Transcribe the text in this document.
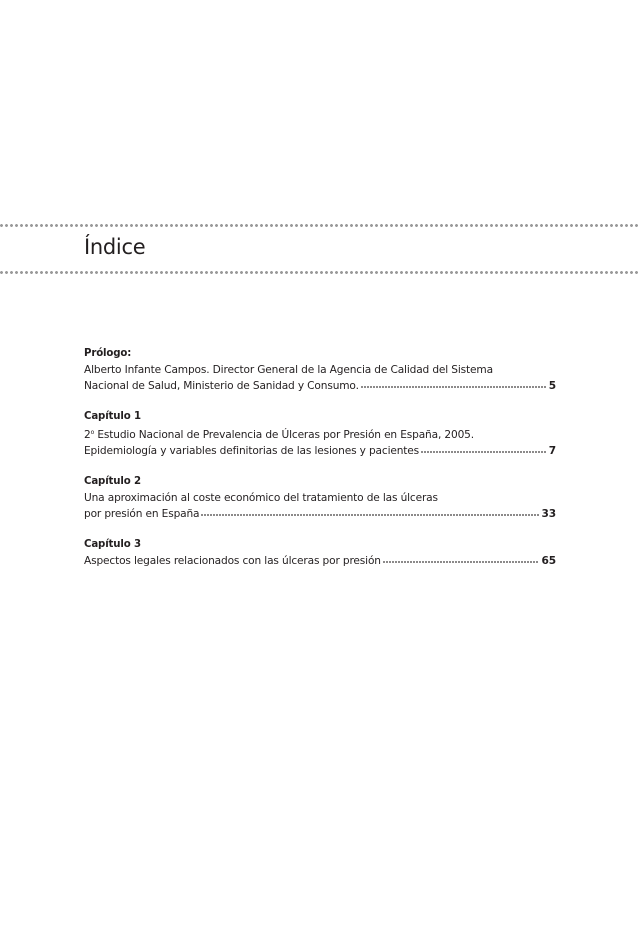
Índice
Prólogo:
Alberto Infante Campos. Director General de la Agencia de Calidad del Sistema
Nacional de Salud, Ministerio de Sanidad y Consumo.	5
Capítulo 1
2$^o$ Estudio Nacional de Prevalencia de Úlceras por Presión en España, 2005.
Epidemiología y variables definitorias de las lesiones y pacientes	7
Capítulo 2
Una aproximación al coste económico del tratamiento de las úlceras
por presión en España	33
Capítulo 3
Aspectos legales relacionados con las úlceras por presión	65
